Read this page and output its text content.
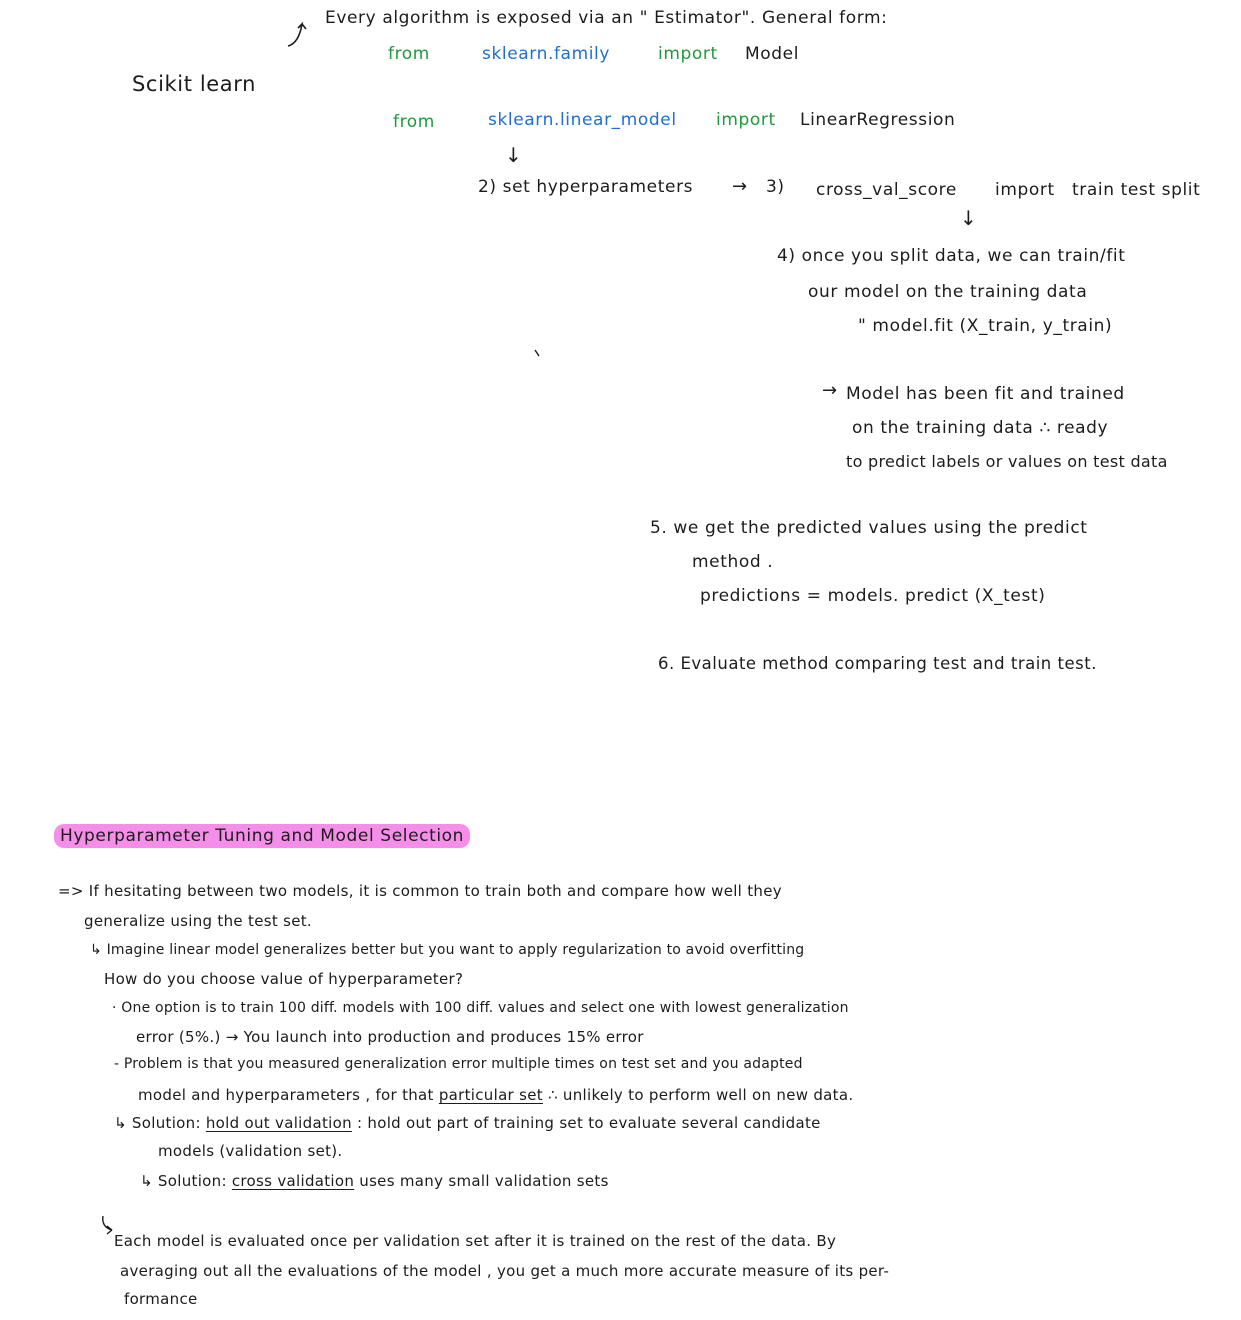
Scikit learn
Every algorithm is exposed via an " Estimator". General form:
from	sklearn.family	import Model
from	sklearn.linear_model import LinearRegression
↓
2) set hyperparameters → 3) cross_val_score import train test split
↓
4) once you split data, we can train/fit
our model on the training data
" model.fit (X_train, y_train)
→ Model has been fit and trained
on the training data ∴ ready
to predict labels or values on test data
5. we get the predicted values using the predict
method .
predictions = models. predict (X_test)
6. Evaluate method comparing test and train test.
Hyperparameter Tuning and Model Selection
=> If hesitating between two models, it is common to train both and compare how well they
generalize using the test set.
↳ Imagine linear model generalizes better but you want to apply regularization to avoid overfitting
How do you choose value of hyperparameter?
· One option is to train 100 diff. models with 100 diff. values and select one with lowest generalization
error (5%.) → You launch into production and produces 15% error
- Problem is that you measured generalization error multiple times on test set and you adapted
model and hyperparameters , for that particular set ∴ unlikely to perform well on new data.
↳ Solution: hold out validation : hold out part of training set to evaluate several candidate
models (validation set).
↳ Solution: cross validation uses many small validation sets
Each model is evaluated once per validation set after it is trained on the rest of the data. By
averaging out all the evaluations of the model , you get a much more accurate measure of its per-
formance
